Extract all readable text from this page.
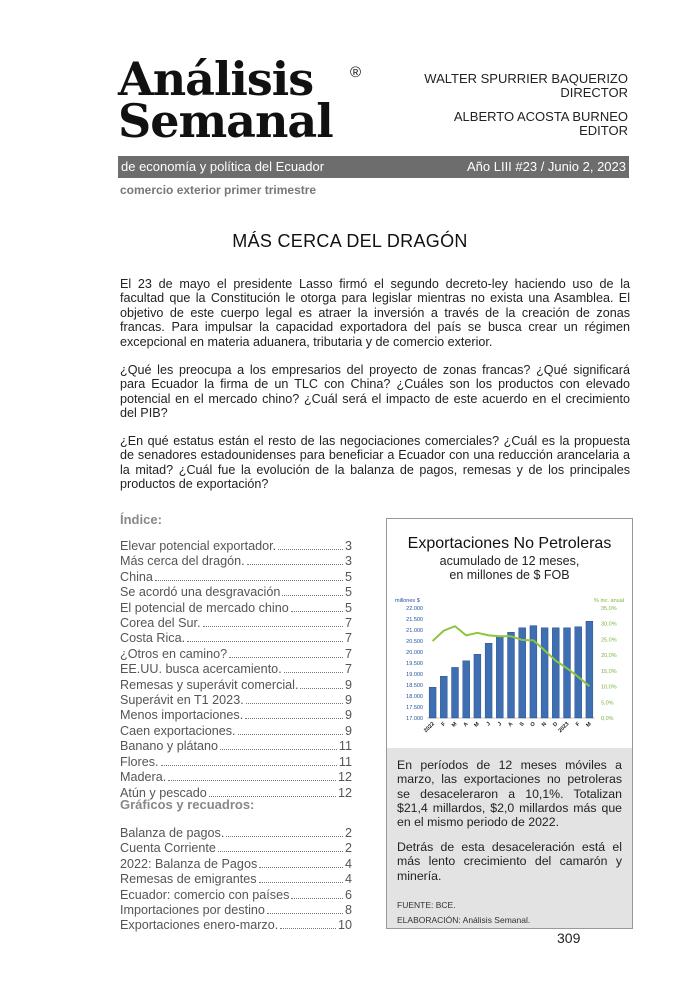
Análisis
Semanal
®	WALTER SPURRIER BAQUERIZO
DIRECTOR
ALBERTO ACOSTA BURNEO
EDITOR
de economía y política del Ecuador	Año LIII #23 / Junio 2, 2023
comercio exterior primer trimestre
MÁS CERCA DEL DRAGÓN
El 23 de mayo el presidente Lasso firmó el segundo decreto-ley haciendo uso de la facultad que la Constitución le otorga para legislar mientras no exista una Asamblea. El objetivo de este cuerpo legal es atraer la inversión a través de la creación de zonas francas. Para impulsar la capacidad exportadora del país se busca crear un régimen excepcional en materia aduanera, tributaria y de comercio exterior.
¿Qué les preocupa a los empresarios del proyecto de zonas francas? ¿Qué significará para Ecuador la firma de un TLC con China? ¿Cuáles son los productos con elevado potencial en el mercado chino? ¿Cuál será el impacto de este acuerdo en el crecimiento del PIB?
¿En qué estatus están el resto de las negociaciones comerciales? ¿Cuál es la propuesta de senadores estadounidenses para beneficiar a Ecuador con una reducción arancelaria a la mitad? ¿Cuál fue la evolución de la balanza de pagos, remesas y de los principales productos de exportación?
Índice:
Elevar potencial exportador.	3
Más cerca del dragón.	3
China	5
Se acordó una desgravación	5
El potencial de mercado chino	5
Corea del Sur.	7
Costa Rica.	7
¿Otros en camino?	7
EE.UU. busca acercamiento.	7
Remesas y superávit comercial.	9
Superávit en T1 2023.	9
Menos importaciones.	9
Caen exportaciones.	9
Banano y plátano	11
Flores.	11
Madera.	12
Atún y pescado	12
Gráficos y recuadros:
Balanza de pagos.	2
Cuenta Corriente	2
2022: Balanza de Pagos	4
Remesas de emigrantes	4
Ecuador: comercio con países	6
Importaciones por destino	8
Exportaciones enero-marzo.	10
Exportaciones No Petroleras
acumulado de 12 meses,
en millones de $ FOB
millones $	% inc. anual
22.000
21.500
21.000
20.500
20.000
19.500
19.000
18.500
18.000
17.500
17.000
35,0%
30,0%
25,0%
20,0%
15,0%
10,0%
5,0%
0,0%
2022 F M A M J J A S O N D
2023 F M
En períodos de 12 meses móviles a marzo, las exportaciones no petroleras se desaceleraron a 10,1%. Totalizan $21,4 millardos, $2,0 millardos más que en el mismo periodo de 2022.
Detrás de esta desaceleración está el más lento crecimiento del camarón y minería.
FUENTE: BCE.
ELABORACIÓN: Análisis Semanal.
309
